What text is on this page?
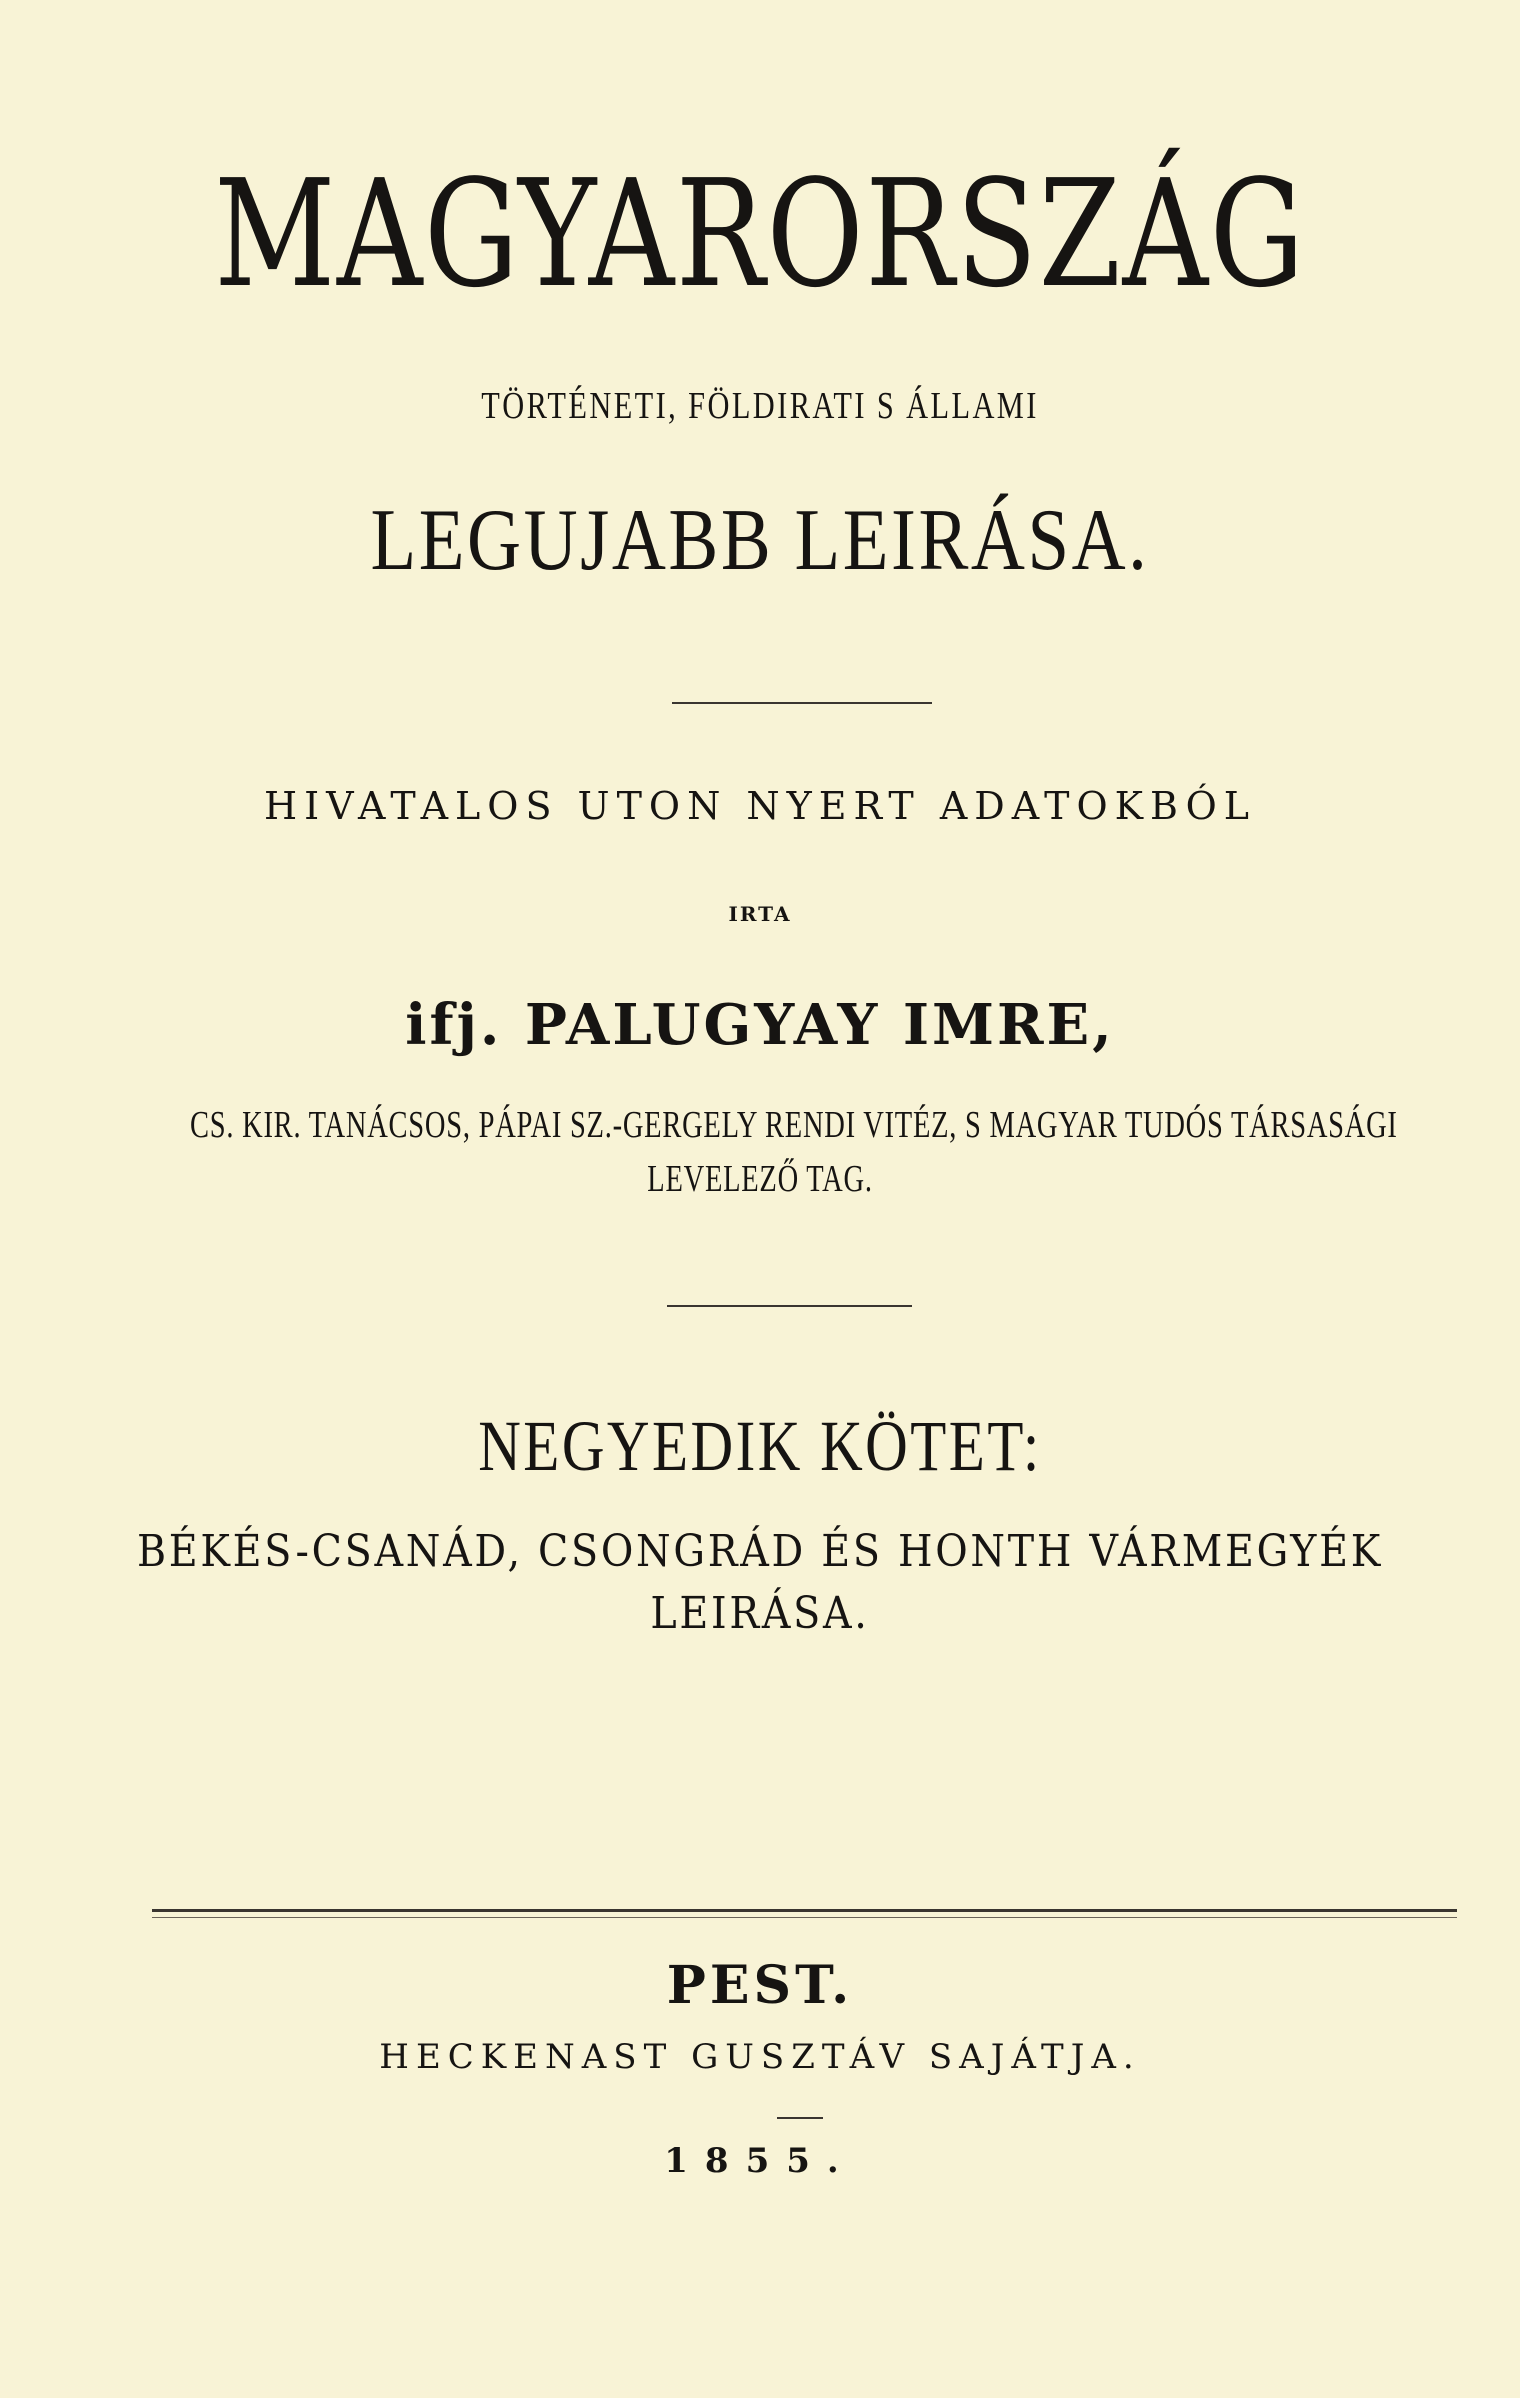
MAGYARORSZÁG
TÖRTÉNETI, FÖLDIRATI S ÁLLAMI
LEGUJABB LEIRÁSA.
HIVATALOS UTON NYERT ADATOKBÓL
IRTA
ifj. PALUGYAY IMRE,
CS. KIR. TANÁCSOS, PÁPAI SZ.-GERGELY RENDI VITÉZ, S MAGYAR TUDÓS TÁRSASÁGI
LEVELEZŐ TAG.
NEGYEDIK KÖTET:
BÉKÉS-CSANÁD, CSONGRÁD ÉS HONTH VÁRMEGYÉK
LEIRÁSA.
PEST.
HECKENAST GUSZTÁV SAJÁTJA.
1855.
